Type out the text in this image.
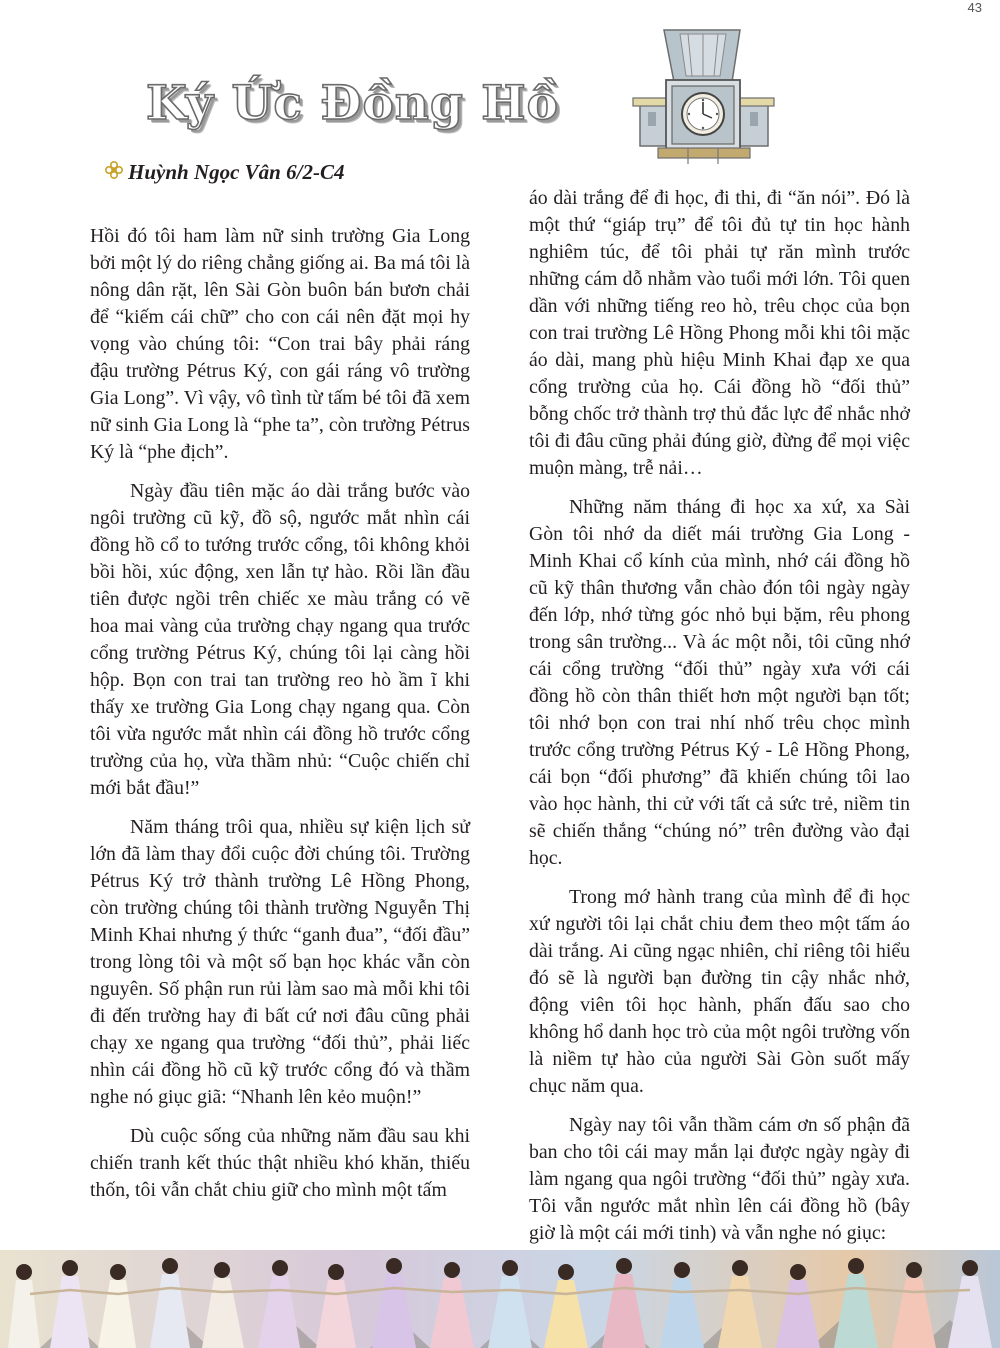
43
Ký Ức Đồng Hồ
Huỳnh Ngọc Vân 6/2-C4

Hồi đó tôi ham làm nữ sinh trường Gia Long bởi một lý do riêng chẳng giống ai. Ba má tôi là nông dân rặt, lên Sài Gòn buôn bán bươn chải để “kiếm cái chữ” cho con cái nên đặt mọi hy vọng vào chúng tôi: “Con trai bây phải ráng đậu trường Pétrus Ký, con gái ráng vô trường Gia Long”. Vì vậy, vô tình từ tấm bé tôi đã xem nữ sinh Gia Long là “phe ta”, còn trường Pétrus Ký là “phe địch”.

Ngày đầu tiên mặc áo dài trắng bước vào ngôi trường cũ kỹ, đồ sộ, ngước mắt nhìn cái đồng hồ cổ to tướng trước cổng, tôi không khỏi bồi hồi, xúc động, xen lẫn tự hào. Rồi lần đầu tiên được ngồi trên chiếc xe màu trắng có vẽ hoa mai vàng của trường chạy ngang qua trước cổng trường Pétrus Ký, chúng tôi lại càng hồi hộp. Bọn con trai tan trường reo hò ầm ĩ khi thấy xe trường Gia Long chạy ngang qua. Còn tôi vừa ngước mắt nhìn cái đồng hồ trước cổng trường của họ, vừa thầm nhủ: “Cuộc chiến chỉ mới bắt đầu!”

Năm tháng trôi qua, nhiều sự kiện lịch sử lớn đã làm thay đổi cuộc đời chúng tôi. Trường Pétrus Ký trở thành trường Lê Hồng Phong, còn trường chúng tôi thành trường Nguyễn Thị Minh Khai nhưng ý thức “ganh đua”, “đối đầu” trong lòng tôi và một số bạn học khác vẫn còn nguyên. Số phận run rủi làm sao mà mỗi khi tôi đi đến trường hay đi bất cứ nơi đâu cũng phải chạy xe ngang qua trường “đối thủ”, phải liếc nhìn cái đồng hồ cũ kỹ trước cổng đó và thầm nghe nó giục giã: “Nhanh lên kẻo muộn!”

Dù cuộc sống của những năm đầu sau khi chiến tranh kết thúc thật nhiều khó khăn, thiếu thốn, tôi vẫn chắt chiu giữ cho mình một tấm

áo dài trắng để đi học, đi thi, đi “ăn nói”. Đó là một thứ “giáp trụ” để tôi đủ tự tin học hành nghiêm túc, để tôi phải tự răn mình trước những cám dỗ nhằm vào tuổi mới lớn. Tôi quen dần với những tiếng reo hò, trêu chọc của bọn con trai trường Lê Hồng Phong mỗi khi tôi mặc áo dài, mang phù hiệu Minh Khai đạp xe qua cổng trường của họ. Cái đồng hồ “đối thủ” bỗng chốc trở thành trợ thủ đắc lực để nhắc nhở tôi đi đâu cũng phải đúng giờ, đừng để mọi việc muộn màng, trễ nải…

Những năm tháng đi học xa xứ, xa Sài Gòn tôi nhớ da diết mái trường Gia Long - Minh Khai cổ kính của mình, nhớ cái đồng hồ cũ kỹ thân thương vẫn chào đón tôi ngày ngày đến lớp, nhớ từng góc nhỏ bụi bặm, rêu phong trong sân trường... Và ác một nỗi, tôi cũng nhớ cái cổng trường “đối thủ” ngày xưa với cái đồng hồ còn thân thiết hơn một người bạn tốt; tôi nhớ bọn con trai nhí nhố trêu chọc mình trước cổng trường Pétrus Ký - Lê Hồng Phong, cái bọn “đối phương” đã khiến chúng tôi lao vào học hành, thi cử với tất cả sức trẻ, niềm tin sẽ chiến thắng “chúng nó” trên đường vào đại học.

Trong mớ hành trang của mình để đi học xứ người tôi lại chắt chiu đem theo một tấm áo dài trắng. Ai cũng ngạc nhiên, chỉ riêng tôi hiểu đó sẽ là người bạn đường tin cậy nhắc nhở, động viên tôi học hành, phấn đấu sao cho không hổ danh học trò của một ngôi trường vốn là niềm tự hào của người Sài Gòn suốt mấy chục năm qua.

Ngày nay tôi vẫn thầm cám ơn số phận đã ban cho tôi cái may mắn lại được ngày ngày đi làm ngang qua ngôi trường “đối thủ” ngày xưa. Tôi vẫn ngước mắt nhìn lên cái đồng hồ (bây giờ là một cái mới tinh) và vẫn nghe nó giục:
